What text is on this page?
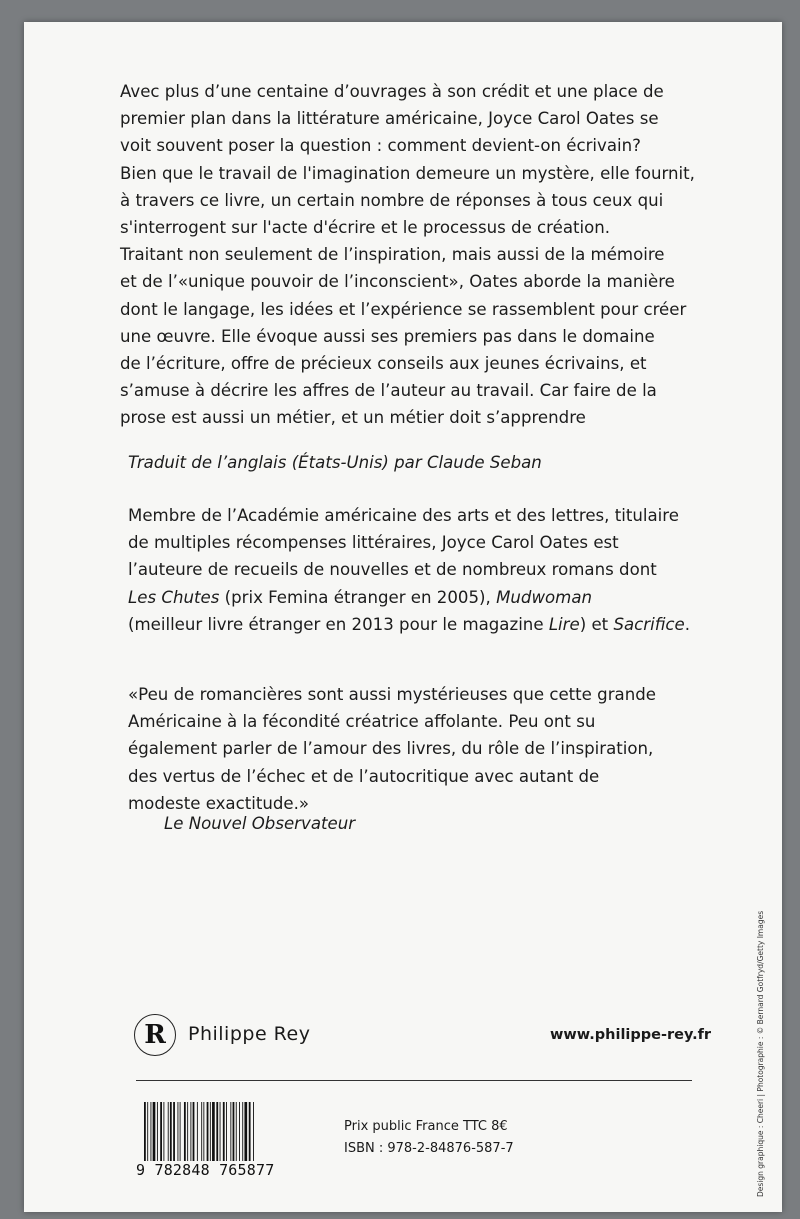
Avec plus d’une centaine d’ouvrages à son crédit et une place de
premier plan dans la littérature américaine, Joyce Carol Oates se
voit souvent poser la question : comment devient-on écrivain?
Bien que le travail de l'imagination demeure un mystère, elle fournit,
à travers ce livre, un certain nombre de réponses à tous ceux qui
s'interrogent sur l'acte d'écrire et le processus de création.
Traitant non seulement de l’inspiration, mais aussi de la mémoire
et de l’«unique pouvoir de l’inconscient», Oates aborde la manière
dont le langage, les idées et l’expérience se rassemblent pour créer
une œuvre. Elle évoque aussi ses premiers pas dans le domaine
de l’écriture, offre de précieux conseils aux jeunes écrivains, et
s’amuse à décrire les affres de l’auteur au travail. Car faire de la
prose est aussi un métier, et un métier doit s’apprendre
Traduit de l’anglais (États-Unis) par Claude Seban
Membre de l’Académie américaine des arts et des lettres, titulaire
de multiples récompenses littéraires, Joyce Carol Oates est
l’auteure de recueils de nouvelles et de nombreux romans dont
Les Chutes (prix Femina étranger en 2005), Mudwoman
(meilleur livre étranger en 2013 pour le magazine Lire) et Sacrifice.
«Peu de romancières sont aussi mystérieuses que cette grande
Américaine à la fécondité créatrice affolante. Peu ont su
également parler de l’amour des livres, du rôle de l’inspiration,
des vertus de l’échec et de l’autocritique avec autant de
modeste exactitude.»
Le Nouvel Observateur
Design graphique : Cheeri | Photographie : © Bernard Gotfryd/Getty Images
R Philippe Rey	www.philippe-rey.fr
9 782848 765877
Prix public France TTC 8€
ISBN : 978-2-84876-587-7
